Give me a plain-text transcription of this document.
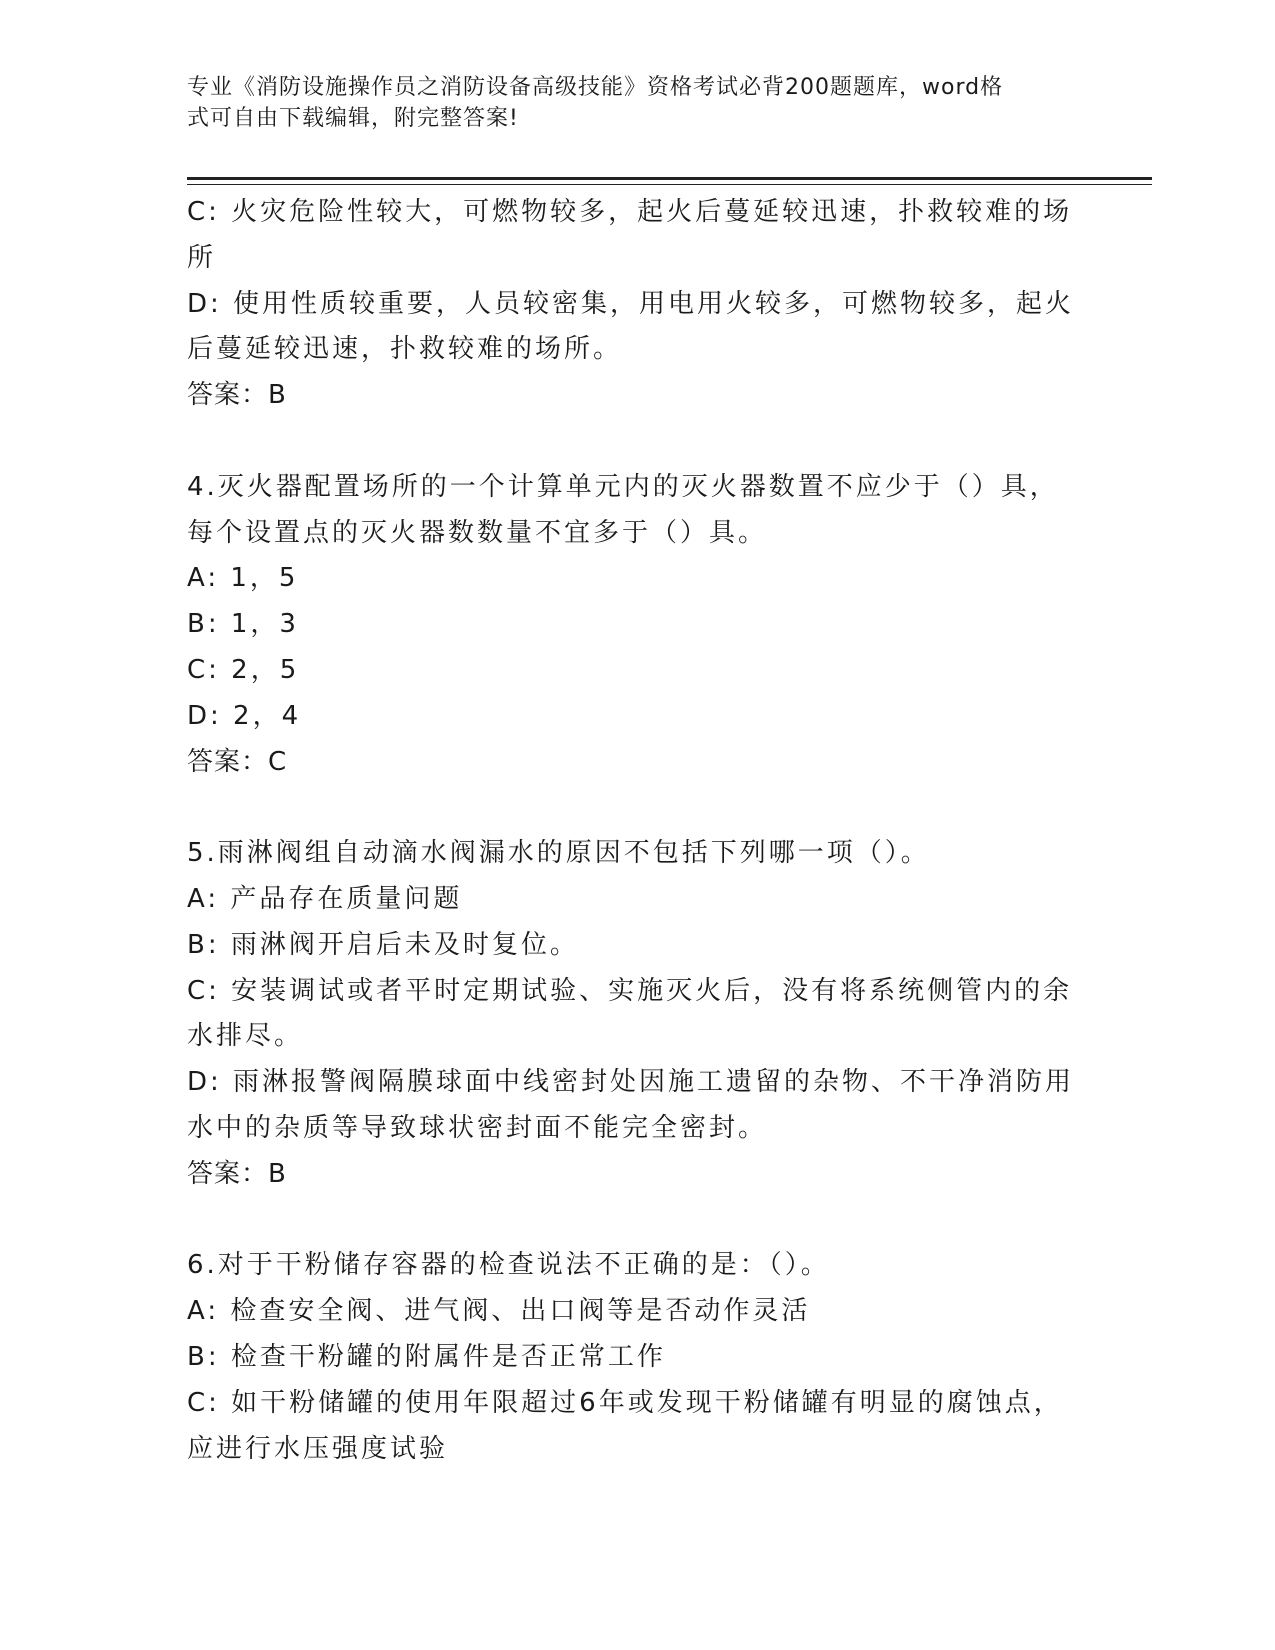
专业《消防设施操作员之消防设备高级技能》资格考试必背200题题库，word格
式可自由下载编辑，附完整答案!

C: 火灾危险性较大，可燃物较多，起火后蔓延较迅速，扑救较难的场

所

D: 使用性质较重要，人员较密集，用电用火较多，可燃物较多，起火

后蔓延较迅速，扑救较难的场所。

答案：B

4.灭火器配置场所的一个计算单元内的灭火器数置不应少于（）具，

每个设置点的灭火器数数量不宜多于（）具。

A: 1，5

B: 1，3

C: 2，5

D: 2，4

答案：C

5.雨淋阀组自动滴水阀漏水的原因不包括下列哪一项（）。

A: 产品存在质量问题

B: 雨淋阀开启后未及时复位。

C: 安装调试或者平时定期试验、实施灭火后，没有将系统侧管内的余

水排尽。

D: 雨淋报警阀隔膜球面中线密封处因施工遗留的杂物、不干净消防用

水中的杂质等导致球状密封面不能完全密封。

答案：B

6.对于干粉储存容器的检查说法不正确的是：（）。

A: 检查安全阀、进气阀、出口阀等是否动作灵活

B: 检查干粉罐的附属件是否正常工作

C: 如干粉储罐的使用年限超过6年或发现干粉储罐有明显的腐蚀点，

应进行水压强度试验
